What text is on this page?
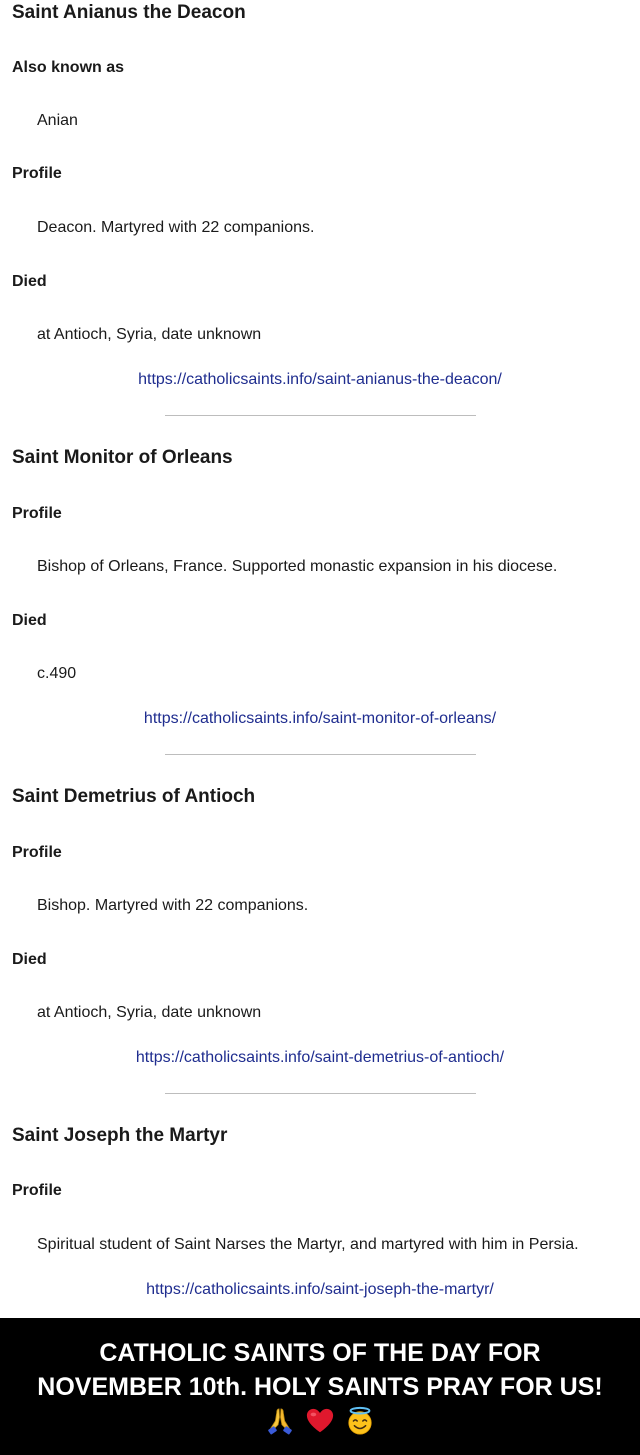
Saint Anianus the Deacon
Also known as
Anian
Profile
Deacon. Martyred with 22 companions.
Died
at Antioch, Syria, date unknown
https://catholicsaints.info/saint-anianus-the-deacon/
Saint Monitor of Orleans
Profile
Bishop of Orleans, France. Supported monastic expansion in his diocese.
Died
c.490
https://catholicsaints.info/saint-monitor-of-orleans/
Saint Demetrius of Antioch
Profile
Bishop. Martyred with 22 companions.
Died
at Antioch, Syria, date unknown
https://catholicsaints.info/saint-demetrius-of-antioch/
Saint Joseph the Martyr
Profile
Spiritual student of Saint Narses the Martyr, and martyred with him in Persia.
https://catholicsaints.info/saint-joseph-the-martyr/
CATHOLIC SAINTS OF THE DAY FOR
NOVEMBER 10th. HOLY SAINTS PRAY FOR US!
